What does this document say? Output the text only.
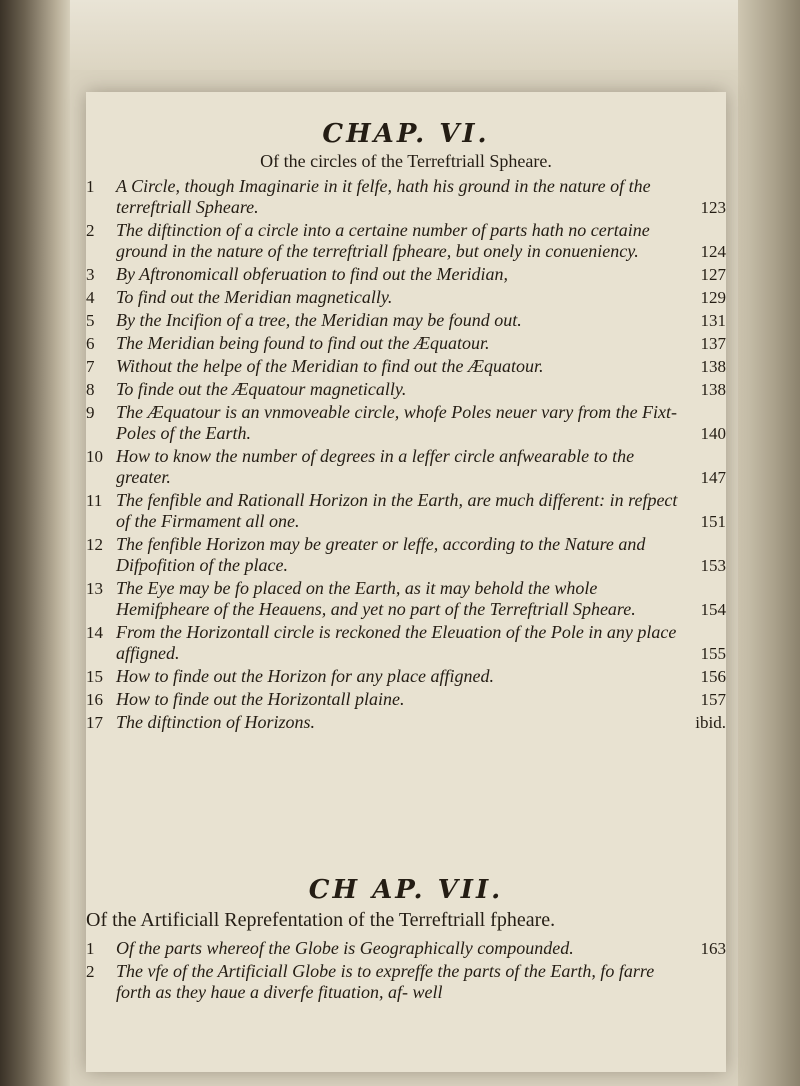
CHAP. VI.

Of the circles of the Terreftriall Spheare.

1	A Circle, though Imaginarie in it felfe, hath his ground in the nature of the terreftriall Spheare.	123
2	The diftinction of a circle into a certaine number of parts hath no certaine ground in the nature of the terreftriall fpheare, but onely in conueniency.	124
3	By Aftronomicall obferuation to find out the Meridian,	127
4	To find out the Meridian magnetically.	129
5	By the Incifion of a tree, the Meridian may be found out.	131
6	The Meridian being found to find out the Æquatour.	137
7	Without the helpe of the Meridian to find out the Æquatour.	138
8	To finde out the Æquatour magnetically.	138
9	The Æquatour is an vnmoveable circle, whofe Poles neuer vary from the Fixt-Poles of the Earth.	140
10 How to know the number of degrees in a leffer circle anfwearable to the greater.	147
11 The fenfible and Rationall Horizon in the Earth, are much different: in refpect of the Firmament all one.	151
12 The fenfible Horizon may be greater or leffe, according to the Nature and Difpofition of the place.	153
13 The Eye may be fo placed on the Earth, as it may behold the whole Hemifpheare of the Heauens, and yet no part of the Terreftriall Spheare.	154
14 From the Horizontall circle is reckoned the Eleuation of the Pole in any place affigned.	155
15 How to finde out the Horizon for any place affigned.	156
16 How to finde out the Horizontall plaine.	157
17 The diftinction of Horizons.	ibid.
CH AP. VII.

Of the Artificiall Reprefentation of the Terreftriall fpheare.

1	Of the parts whereof the Globe is Geographically compounded.	163
2	The vfe of the Artificiall Globe is to expreffe the parts of the Earth, fo farre forth as they haue a diverfe fituation, af- well
